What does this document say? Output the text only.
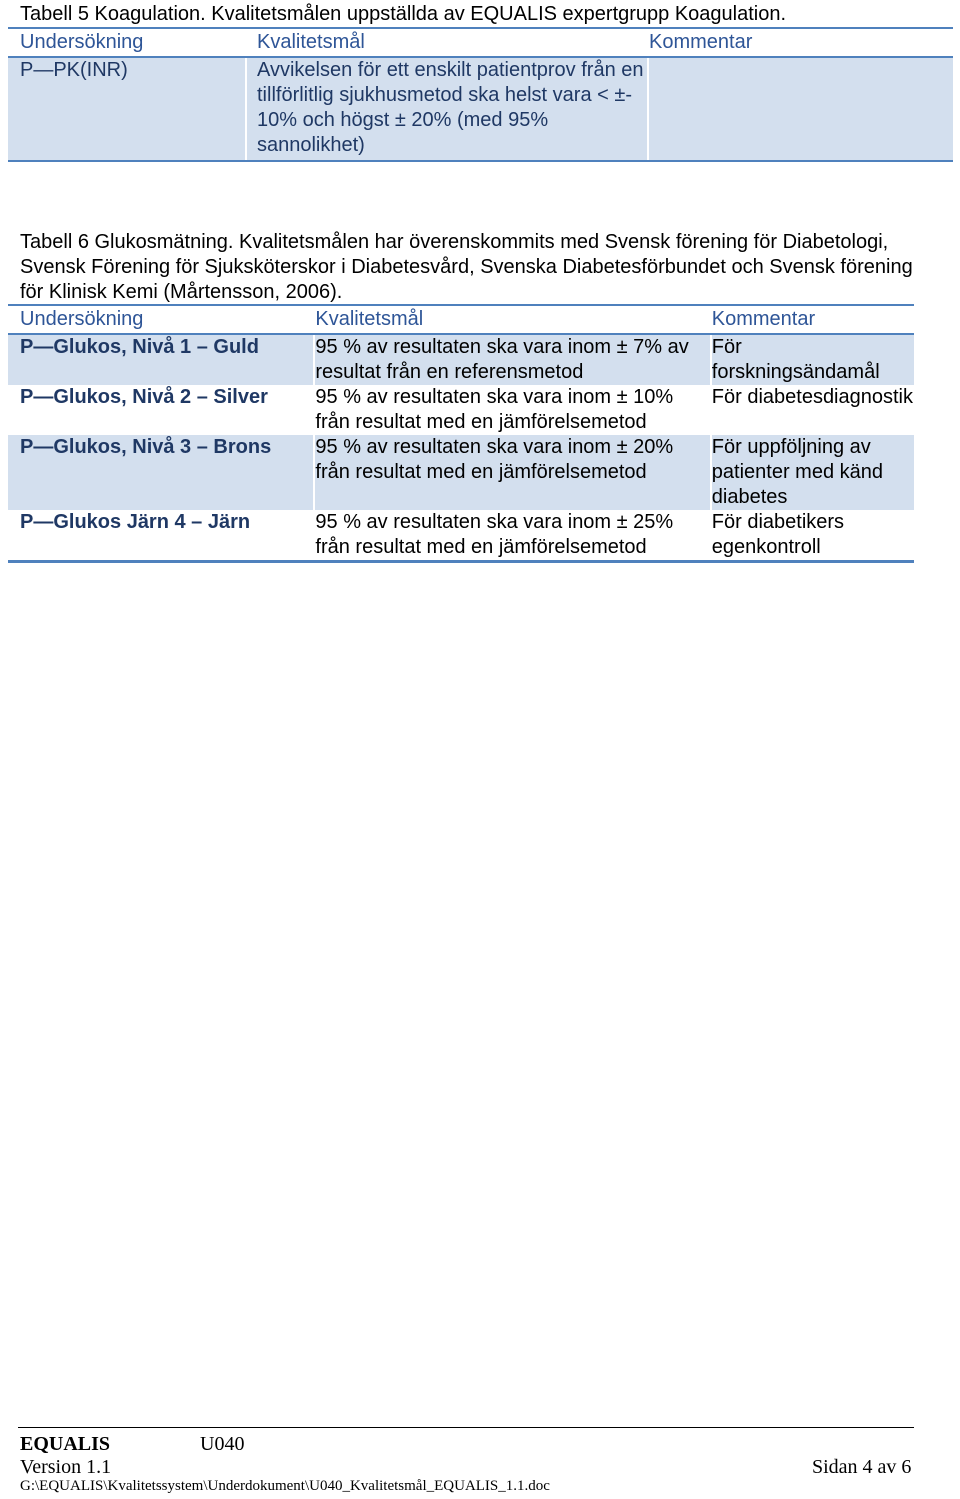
Tabell 5 Koagulation. Kvalitetsmålen uppställda av EQUALIS expertgrupp Koagulation.
Undersökning	Kvalitetsmål	Kommentar
P—PK(INR)	Avvikelsen för ett enskilt patientprov från en tillförlitlig sjukhusmetod ska helst vara < ±- 10% och högst ± 20% (med 95% sannolikhet)	
Tabell 6 Glukosmätning. Kvalitetsmålen har överenskommits med Svensk förening för Diabetologi, Svensk Förening för Sjuksköterskor i Diabetesvård, Svenska Diabetesförbundet och Svensk förening för Klinisk Kemi (Mårtensson, 2006).
Undersökning	Kvalitetsmål	Kommentar
P—Glukos, Nivå 1 – Guld	95 % av resultaten ska vara inom ± 7% av resultat från en referensmetod	För forskningsändamål
P—Glukos, Nivå 2 – Silver	95 % av resultaten ska vara inom ± 10% från resultat med en jämförelsemetod	För diabetesdiagnostik
P—Glukos, Nivå 3 – Brons	95 % av resultaten ska vara inom ± 20% från resultat med en jämförelsemetod	För uppföljning av patienter med känd diabetes
P—Glukos Järn 4 – Järn	95 % av resultaten ska vara inom ± 25% från resultat med en jämförelsemetod	För diabetikers egenkontroll
EQUALIS	U040
Version 1.1	Sidan 4 av 6
G:\EQUALIS\Kvalitetssystem\Underdokument\U040_Kvalitetsmål_EQUALIS_1.1.doc
